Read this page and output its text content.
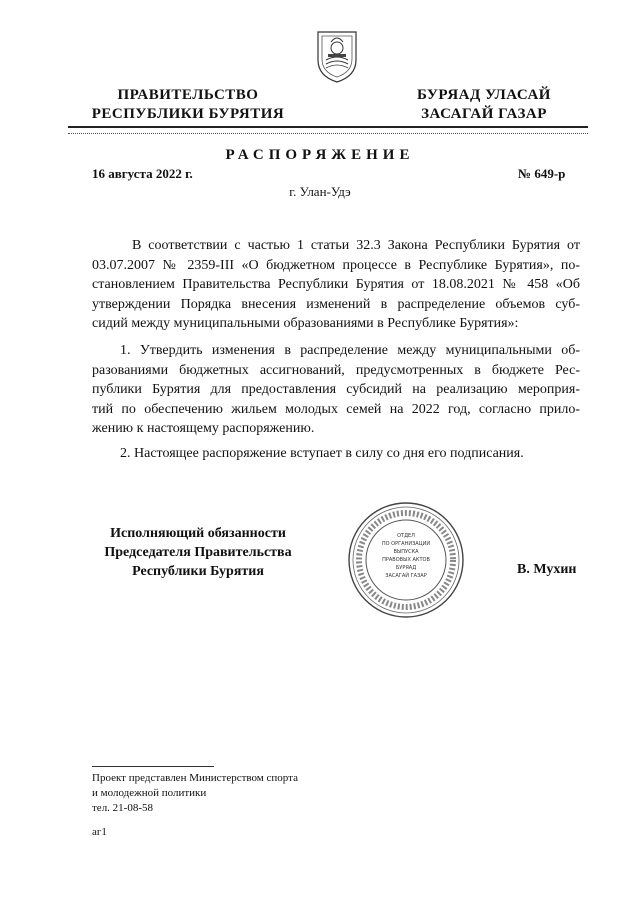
ПРАВИТЕЛЬСТВО
РЕСПУБЛИКИ БУРЯТИЯ
БУРЯАД УЛАСАЙ
ЗАСАГАЙ ГАЗАР
РАСПОРЯЖЕНИЕ
16 августа 2022 г.	№ 649-р
г. Улан-Удэ
В соответствии с частью 1 статьи 32.3 Закона Республики Бурятия от
03.07.2007 № 2359-III «О бюджетном процессе в Республике Бурятия», по-
становлением Правительства Республики Бурятия от 18.08.2021 № 458 «Об
утверждении Порядка внесения изменений в распределение объемов суб-
сидий между муниципальными образованиями в Республике Бурятия»:
1. Утвердить изменения в распределение между муниципальными об-
разованиями бюджетных ассигнований, предусмотренных в бюджете Рес-
публики Бурятия для предоставления субсидий на реализацию мероприя-
тий по обеспечению жильем молодых семей на 2022 год, согласно прило-
жению к настоящему распоряжению.
2. Настоящее распоряжение вступает в силу со дня его подписания.
Исполняющий обязанности
Председателя Правительства
Республики Бурятия
ОТДЕЛ
ПО ОРГАНИЗАЦИИ
ВЫПУСКА
ПРАВОВЫХ АКТОВ
БУРЯАД
ЗАСАГАЙ ГАЗАР	В. Мухин
Проект представлен Министерством спорта
и молодежной политики
тел. 21-08-58
аг1
